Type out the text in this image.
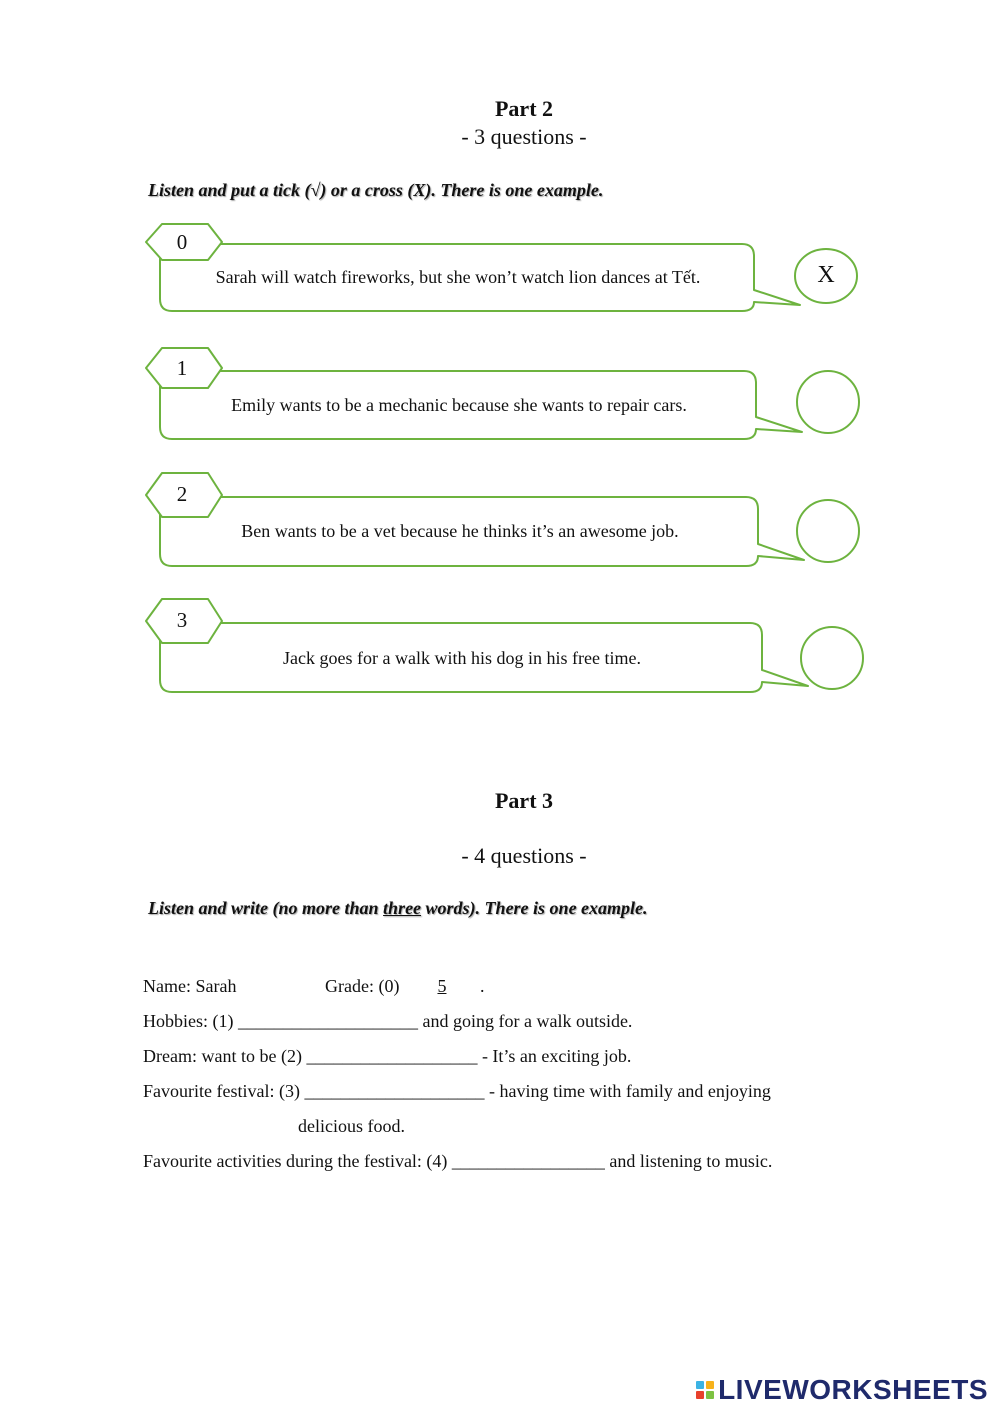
Part 2
- 3 questions -
Listen and put a tick (√) or a cross (X). There is one example.
0
Sarah will watch fireworks, but she won’t watch lion dances at Tết.	X
1
Emily wants to be a mechanic because she wants to repair cars.
2
Ben wants to be a vet because he thinks it’s an awesome job.
3
Jack goes for a walk with his dog in his free time.
Part 3
- 4 questions -
Listen and write (no more than three words). There is one example.
Name: Sarah	Grade: (0) 5 .
Hobbies: (1) ____________________ and going for a walk outside.
Dream: want to be (2) ___________________ - It’s an exciting job.
Favourite festival: (3) ____________________ - having time with family and enjoying
delicious food.
Favourite activities during the festival: (4) _________________ and listening to music.
LIVEWORKSHEETS
